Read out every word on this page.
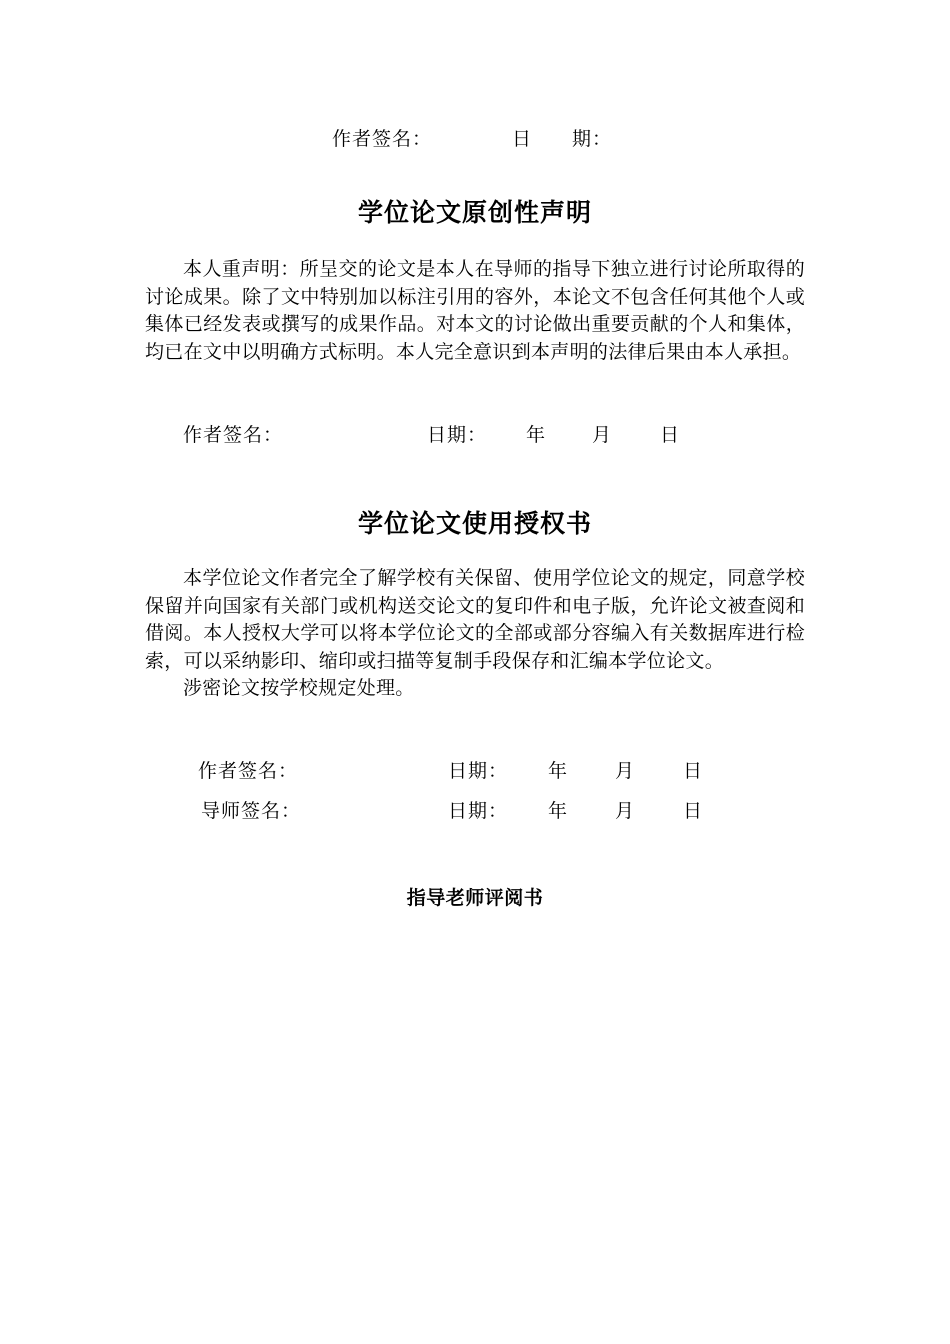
作者签名：	日　　期：
学位论文原创性声明

本人重声明：所呈交的论文是本人在导师的指导下独立进行讨论所取得的讨论成果。除了文中特别加以标注引用的容外，本论文不包含任何其他个人或集体已经发表或撰写的成果作品。对本文的讨论做出重要贡献的个人和集体，均已在文中以明确方式标明。本人完全意识到本声明的法律后果由本人承担。

作者签名：	日期： 年 月	日
学位论文使用授权书

本学位论文作者完全了解学校有关保留、使用学位论文的规定，同意学校保留并向国家有关部门或机构送交论文的复印件和电子版，允许论文被查阅和借阅。本人授权大学可以将本学位论文的全部或部分容编入有关数据库进行检索，可以采纳影印、缩印或扫描等复制手段保存和汇编本学位论文。

涉密论文按学校规定处理。

作者签名：	日期： 年 月	日
导师签名：	日期： 年 月	日
指导老师评阅书
